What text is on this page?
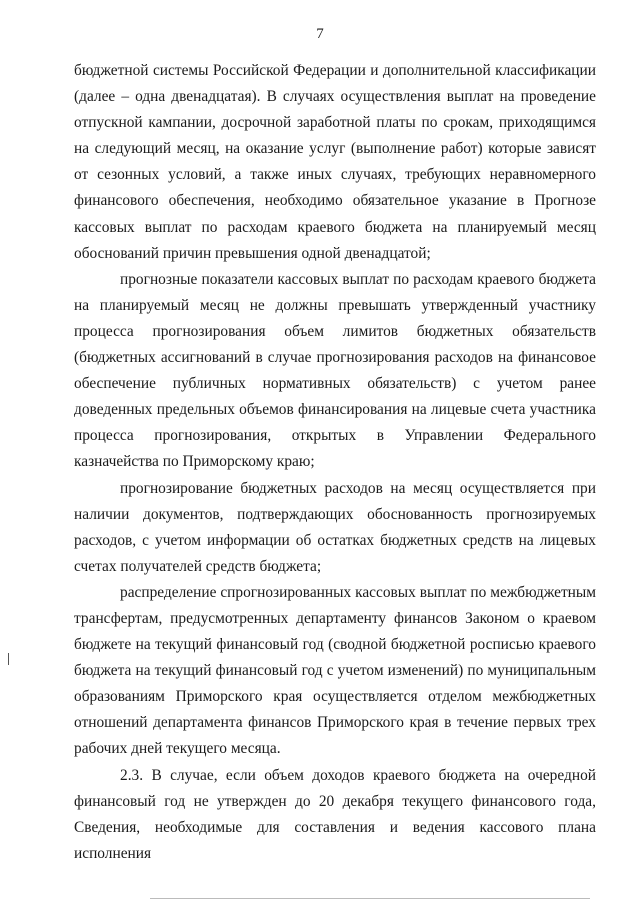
7

бюджетной системы Российской Федерации и дополнительной классификации (далее – одна двенадцатая). В случаях осуществления выплат на проведение отпускной кампании, досрочной заработной платы по срокам, приходящимся на следующий месяц, на оказание услуг (выполнение работ) которые зависят от сезонных условий, а также иных случаях, требующих неравномерного финансового обеспечения, необходимо обязательное указание в Прогнозе кассовых выплат по расходам краевого бюджета на планируемый месяц обоснований причин превышения одной двенадцатой;

прогнозные показатели кассовых выплат по расходам краевого бюджета на планируемый месяц не должны превышать утвержденный участнику процесса прогнозирования объем лимитов бюджетных обязательств (бюджетных ассигнований в случае прогнозирования расходов на финансовое обеспечение публичных нормативных обязательств) с учетом ранее доведенных предельных объемов финансирования на лицевые счета участника процесса прогнозирования, открытых в Управлении Федерального казначейства по Приморскому краю;

прогнозирование бюджетных расходов на месяц осуществляется при наличии документов, подтверждающих обоснованность прогнозируемых расходов, с учетом информации об остатках бюджетных средств на лицевых счетах получателей средств бюджета;

распределение спрогнозированных кассовых выплат по межбюджетным трансфертам, предусмотренных департаменту финансов Законом о краевом бюджете на текущий финансовый год (сводной бюджетной росписью краевого бюджета на текущий финансовый год с учетом изменений) по муниципальным образованиям Приморского края осуществляется отделом межбюджетных отношений департамента финансов Приморского края в течение первых трех рабочих дней текущего месяца.

2.3. В случае, если объем доходов краевого бюджета на очередной финансовый год не утвержден до 20 декабря текущего финансового года, Сведения, необходимые для составления и ведения кассового плана исполнения
